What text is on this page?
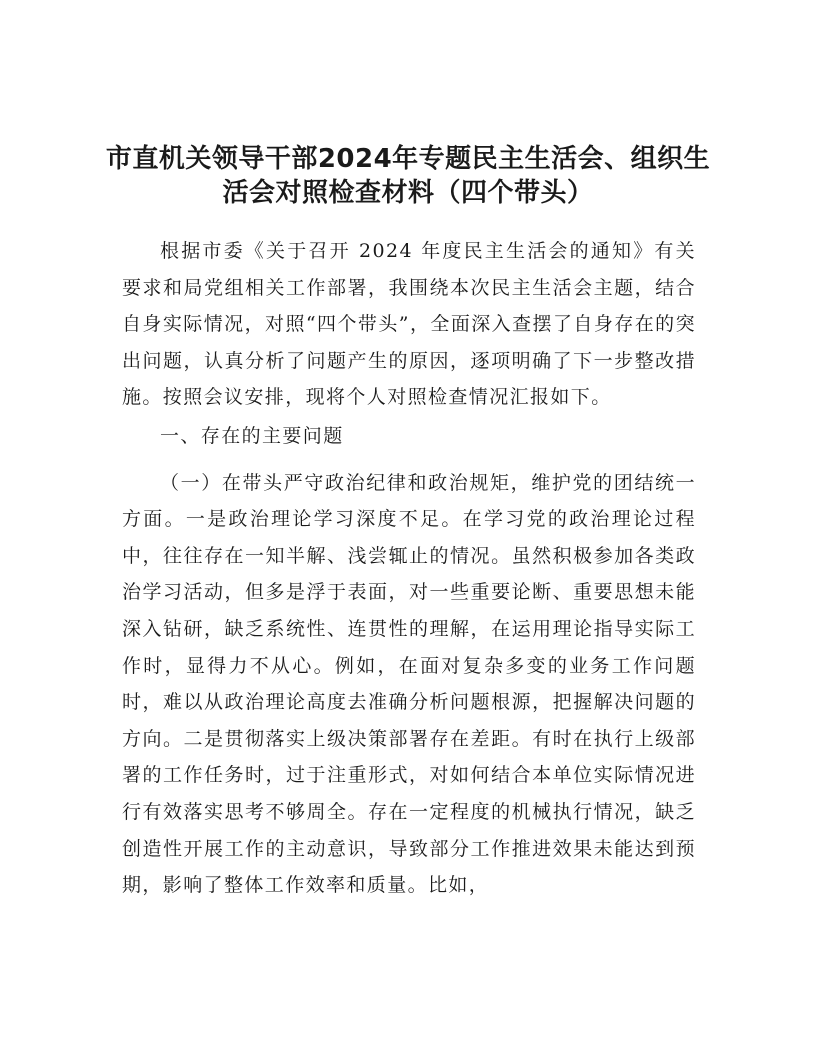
市直机关领导干部2024年专题民主生活会、组织生活会对照检查材料（四个带头）

根据市委《关于召开 2024 年度民主生活会的通知》有关要求和局党组相关工作部署，我围绕本次民主生活会主题，结合自身实际情况，对照“四个带头”，全面深入查摆了自身存在的突出问题，认真分析了问题产生的原因，逐项明确了下一步整改措施。按照会议安排，现将个人对照检查情况汇报如下。

一、存在的主要问题

（一）在带头严守政治纪律和政治规矩，维护党的团结统一方面。一是政治理论学习深度不足。在学习党的政治理论过程中，往往存在一知半解、浅尝辄止的情况。虽然积极参加各类政治学习活动，但多是浮于表面，对一些重要论断、重要思想未能深入钻研，缺乏系统性、连贯性的理解，在运用理论指导实际工作时，显得力不从心。例如，在面对复杂多变的业务工作问题时，难以从政治理论高度去准确分析问题根源，把握解决问题的方向。二是贯彻落实上级决策部署存在差距。有时在执行上级部署的工作任务时，过于注重形式，对如何结合本单位实际情况进行有效落实思考不够周全。存在一定程度的机械执行情况，缺乏创造性开展工作的主动意识，导致部分工作推进效果未能达到预期，影响了整体工作效率和质量。比如，
